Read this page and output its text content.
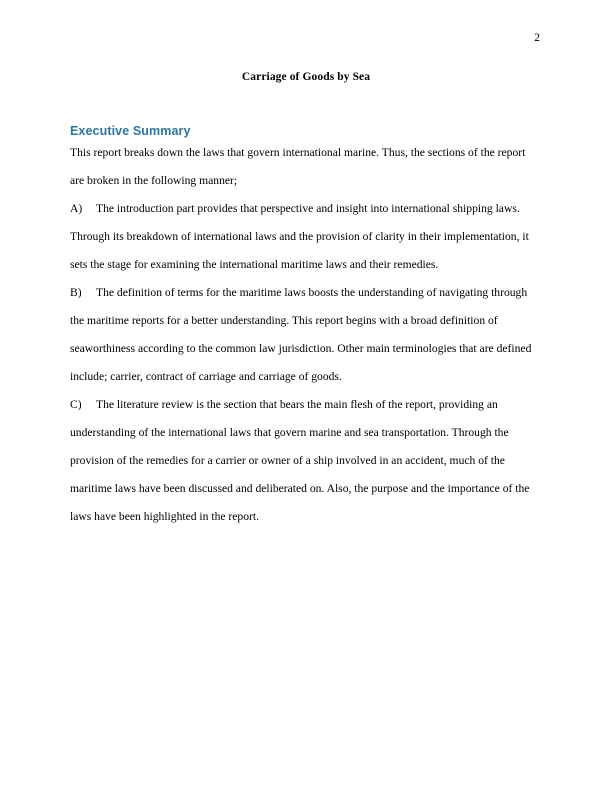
2
Carriage of Goods by Sea
Executive Summary

This report breaks down the laws that govern international marine. Thus, the sections of the report are broken in the following manner;

A) The introduction part provides that perspective and insight into international shipping laws. Through its breakdown of international laws and the provision of clarity in their implementation, it sets the stage for examining the international maritime laws and their remedies.

B) The definition of terms for the maritime laws boosts the understanding of navigating through the maritime reports for a better understanding. This report begins with a broad definition of seaworthiness according to the common law jurisdiction. Other main terminologies that are defined include; carrier, contract of carriage and carriage of goods.

C) The literature review is the section that bears the main flesh of the report, providing an understanding of the international laws that govern marine and sea transportation. Through the provision of the remedies for a carrier or owner of a ship involved in an accident, much of the maritime laws have been discussed and deliberated on. Also, the purpose and the importance of the laws have been highlighted in the report.
